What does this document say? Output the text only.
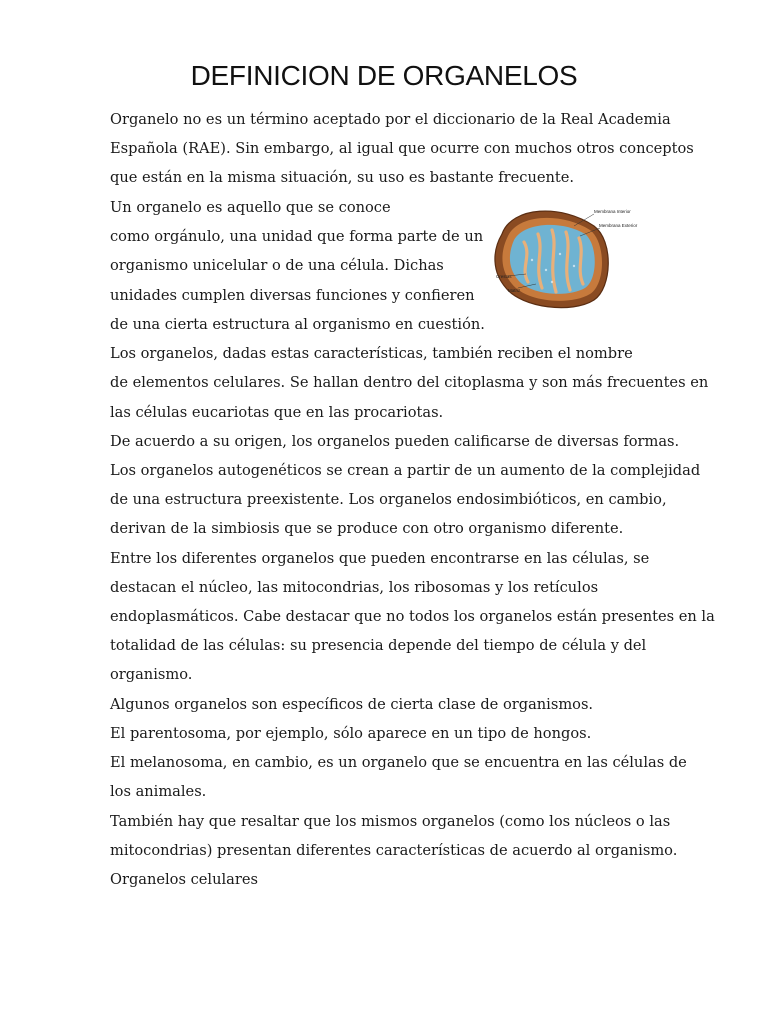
DEFINICION DE ORGANELOS
Organelo no es un término aceptado por el diccionario de la Real Academia
Española (RAE). Sin embargo, al igual que ocurre con muchos otros conceptos
que están en la misma situación, su uso es bastante frecuente.
Un organelo es aquello que se conoce
como orgánulo, una unidad que forma parte de un
organismo unicelular o de una célula. Dichas
unidades cumplen diversas funciones y confieren
de una cierta estructura al organismo en cuestión.
Los organelos, dadas estas características, también reciben el nombre
de elementos celulares. Se hallan dentro del citoplasma y son más frecuentes en
las células eucariotas que en las procariotas.
De acuerdo a su origen, los organelos pueden calificarse de diversas formas.
Los organelos autogenéticos se crean a partir de un aumento de la complejidad
de una estructura preexistente. Los organelos endosimbióticos, en cambio,
derivan de la simbiosis que se produce con otro organismo diferente.
Entre los diferentes organelos que pueden encontrarse en las células, se
destacan el núcleo, las mitocondrias, los ribosomas y los retículos
endoplasmáticos. Cabe destacar que no todos los organelos están presentes en la
totalidad de las células: su presencia depende del tiempo de célula y del
organismo.
Algunos organelos son específicos de cierta clase de organismos.
El parentosoma, por ejemplo, sólo aparece en un tipo de hongos.
El melanosoma, en cambio, es un organelo que se encuentra en las células de
los animales.
También hay que resaltar que los mismos organelos (como los núcleos o las
mitocondrias) presentan diferentes características de acuerdo al organismo.
Organelos celulares
Membrana Interior
Membrana Exterior
Crestas
Matriz
